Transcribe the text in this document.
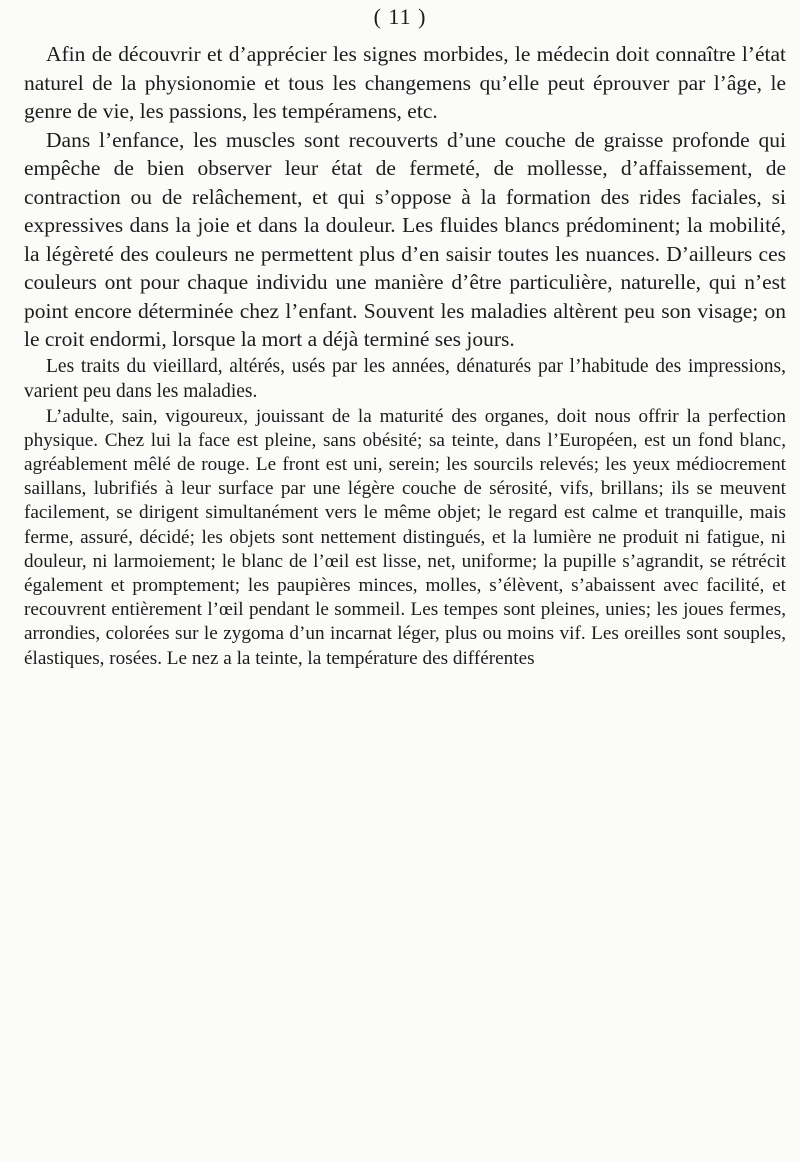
( 11 )

Afin de découvrir et d’apprécier les signes morbides, le médecin doit connaître l’état naturel de la physionomie et tous les changemens qu’elle peut éprouver par l’âge, le genre de vie, les passions, les tempéramens, etc.

Dans l’enfance, les muscles sont recouverts d’une couche de graisse profonde qui empêche de bien observer leur état de fermeté, de mollesse, d’affaissement, de contraction ou de relâchement, et qui s’oppose à la formation des rides faciales, si expressives dans la joie et dans la douleur. Les fluides blancs prédominent; la mobilité, la légèreté des couleurs ne permettent plus d’en saisir toutes les nuances. D’ailleurs ces couleurs ont pour chaque individu une manière d’être particulière, naturelle, qui n’est point encore déterminée chez l’enfant. Souvent les maladies altèrent peu son visage; on le croit endormi, lorsque la mort a déjà terminé ses jours.

Les traits du vieillard, altérés, usés par les années, dénaturés par l’habitude des impressions, varient peu dans les maladies.

L’adulte, sain, vigoureux, jouissant de la maturité des organes, doit nous offrir la perfection physique. Chez lui la face est pleine, sans obésité; sa teinte, dans l’Européen, est un fond blanc, agréablement mêlé de rouge. Le front est uni, serein; les sourcils relevés; les yeux médiocrement saillans, lubrifiés à leur surface par une légère couche de sérosité, vifs, brillans; ils se meuvent facilement, se dirigent simultanément vers le même objet; le regard est calme et tranquille, mais ferme, assuré, décidé; les objets sont nettement distingués, et la lumière ne produit ni fatigue, ni douleur, ni larmoiement; le blanc de l’œil est lisse, net, uniforme; la pupille s’agrandit, se rétrécit également et promptement; les paupières minces, molles, s’élèvent, s’abaissent avec facilité, et recouvrent entièrement l’œil pendant le sommeil. Les tempes sont pleines, unies; les joues fermes, arrondies, colorées sur le zygoma d’un incarnat léger, plus ou moins vif. Les oreilles sont souples, élastiques, rosées. Le nez a la teinte, la température des différentes
